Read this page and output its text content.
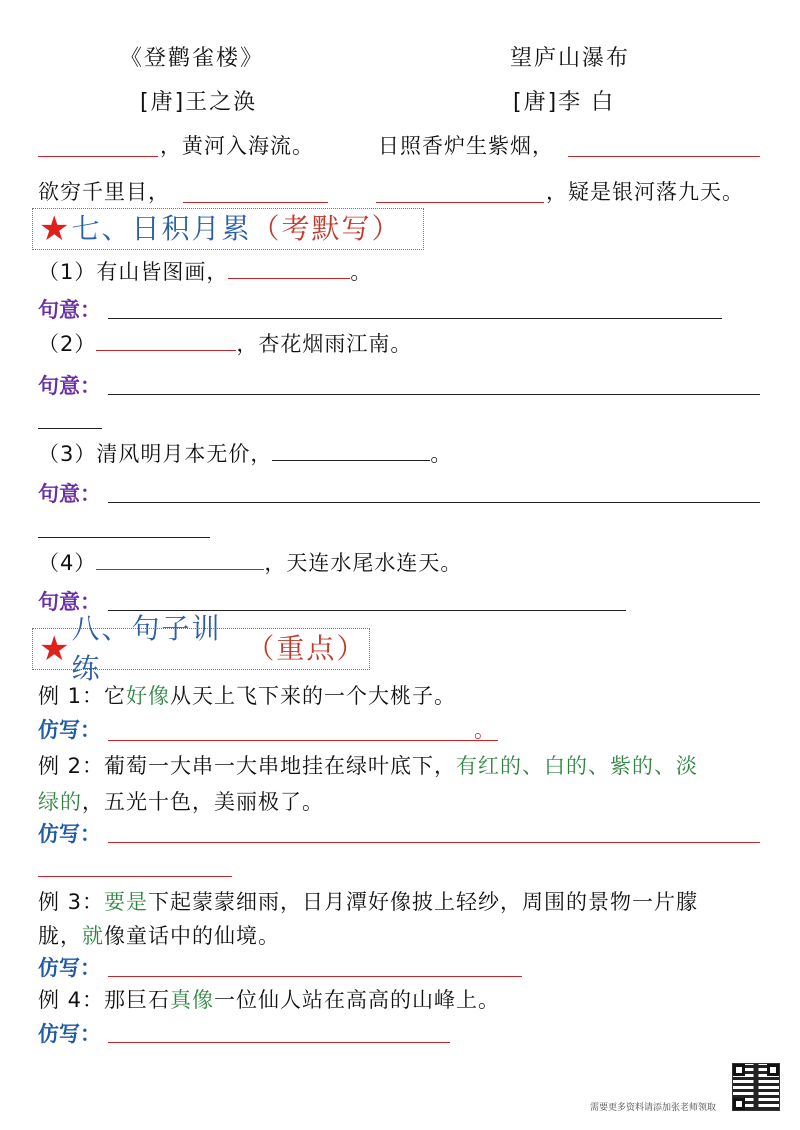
《登鹳雀楼》	望庐山瀑布
[唐]王之涣	[唐]李 白
，黄河入海流。	日照香炉生紫烟，
欲穷千里目，	，疑是银河落九天。
★ 七、日积月累 （考默写）
（1）有山皆图画，	。
句意：
（2）	，杏花烟雨江南。
句意：
（3）清风明月本无价，	。
句意：
（4）	，天连水尾水连天。
句意：
★
八、句子训练
（重点）
例 1：它好像从天上飞下来的一个大桃子。
仿写：	。
例 2：葡萄一大串一大串地挂在绿叶底下，有红的、白的、紫的、淡
绿的，五光十色，美丽极了。
仿写：
例 3：要是下起蒙蒙细雨，日月潭好像披上轻纱，周围的景物一片朦
胧，就像童话中的仙境。
仿写：
例 4：那巨石真像一位仙人站在高高的山峰上。
仿写：
需要更多资料请添加张老师领取
